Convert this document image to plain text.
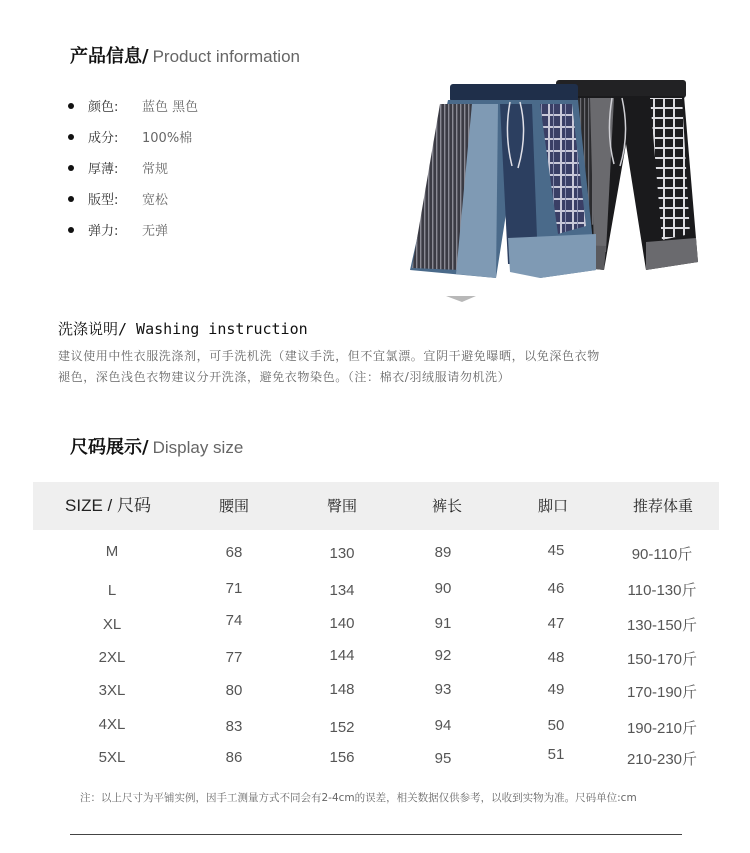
产品信息/ Product information
颜色:	蓝色 黑色
成分:	100%棉
厚薄:	常规
版型:	宽松
弹力:	无弹
洗涤说明/ Washing instruction
建议使用中性衣服洗涤剂，可手洗机洗（建议手洗，但不宜氯漂。宜阴干避免曝晒，以免深色衣物
褪色，深色浅色衣物建议分开洗涤，避免衣物染色。（注：棉衣/羽绒服请勿机洗）
尺码展示/ Display size
SIZE / 尺码	腰围	臀围	裤长	脚口	推荐体重
M	68	130	89	45	90-110斤
L	71	134	90	46	110-130斤
XL	74	140	91	47	130-150斤
2XL	77	144	92	48	150-170斤
3XL	80	148	93	49	170-190斤
4XL	83	152	94	50	190-210斤
5XL	86	156	95	51	210-230斤
注：以上尺寸为平铺实例，因手工测量方式不同会有2-4cm的误差，相关数据仅供参考，以收到实物为准。尺码单位:cm
